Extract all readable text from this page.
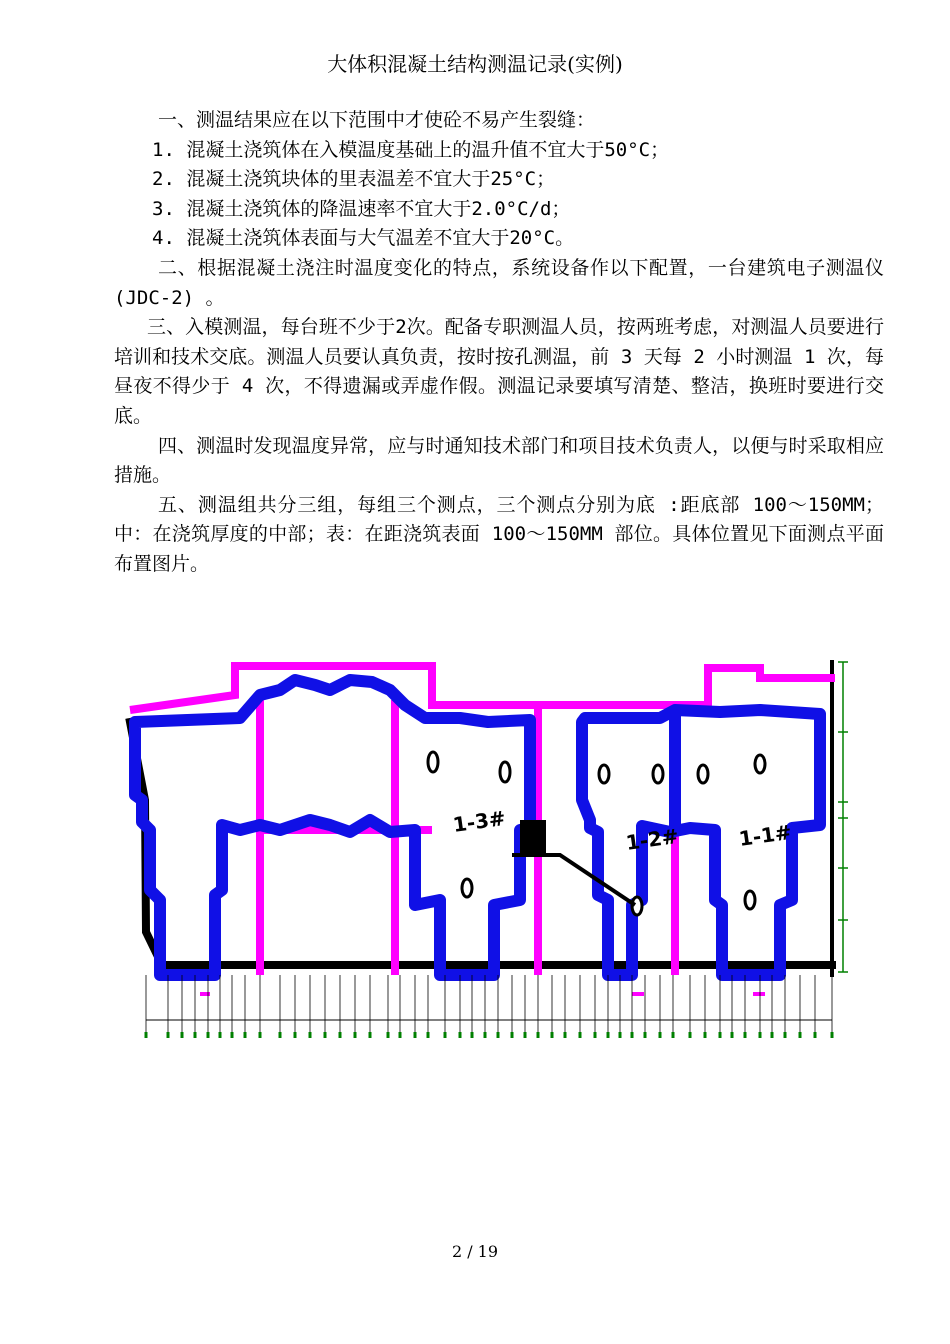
大体积混凝土结构测温记录(实例)

一、测温结果应在以下范围中才使砼不易产生裂缝：

1. 混凝土浇筑体在入模温度基础上的温升值不宜大于50°C；

2. 混凝土浇筑块体的里表温差不宜大于25°C；

3. 混凝土浇筑体的降温速率不宜大于2.0°C/d；

4. 混凝土浇筑体表面与大气温差不宜大于20°C。

二、根据混凝土浇注时温度变化的特点，系统设备作以下配置，一台建筑电子测温仪(JDC-2) 。

三、入模测温，每台班不少于2次。配备专职测温人员，按两班考虑，对测温人员要进行培训和技术交底。测温人员要认真负责，按时按孔测温，前 3 天每 2 小时测温 1 次，每昼夜不得少于 4 次，不得遗漏或弄虚作假。测温记录要填写清楚、整洁，换班时要进行交底。

四、测温时发现温度异常，应与时通知技术部门和项目技术负责人，以便与时采取相应措施。

五、测温组共分三组，每组三个测点，三个测点分别为底 :距底部 100～150MM；中：在浇筑厚度的中部；表：在距浇筑表面 100～150MM 部位。具体位置见下面测点平面布置图片。

1-3#
1-2#	1-1#
2 / 19
